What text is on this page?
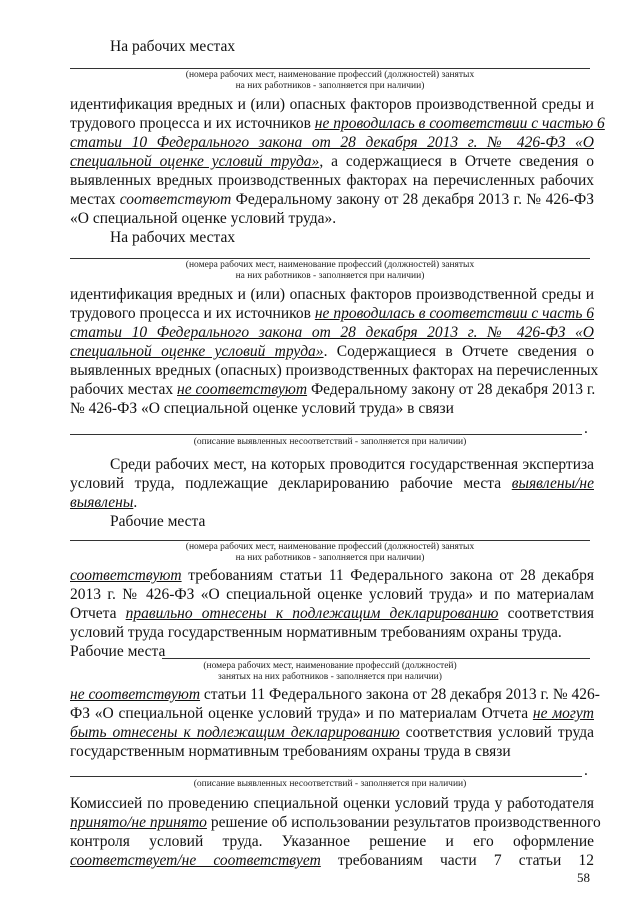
На рабочих местах
(номера рабочих мест, наименование профессий (должностей) занятых
на них работников - заполняется при наличии)
идентификация вредных и (или) опасных факторов производственной среды и
трудового процесса и их источников не проводилась в соответствии с частью 6
статьи 10 Федерального закона от 28 декабря 2013 г. № 426-ФЗ «О
специальной оценке условий труда», а содержащиеся в Отчете сведения о
выявленных вредных производственных факторах на перечисленных рабочих
местах соответствуют Федеральному закону от 28 декабря 2013 г. № 426-ФЗ
«О специальной оценке условий труда».
На рабочих местах
(номера рабочих мест, наименование профессий (должностей) занятых
на них работников - заполняется при наличии)
идентификация вредных и (или) опасных факторов производственной среды и
трудового процесса и их источников не проводилась в соответствии с часть 6
статьи 10 Федерального закона от 28 декабря 2013 г. № 426-ФЗ «О
специальной оценке условий труда». Содержащиеся в Отчете сведения о
выявленных вредных (опасных) производственных факторах на перечисленных
рабочих местах не соответствуют Федеральному закону от 28 декабря 2013 г.
№ 426-ФЗ «О специальной оценке условий труда» в связи
.
(описание выявленных несоответствий - заполняется при наличии)
Среди рабочих мест, на которых проводится государственная экспертиза
условий труда, подлежащие декларированию рабочие места выявлены/не
выявлены.
Рабочие места
(номера рабочих мест, наименование профессий (должностей) занятых
на них работников - заполняется при наличии)
соответствуют требованиям статьи 11 Федерального закона от 28 декабря
2013 г. № 426-ФЗ «О специальной оценке условий труда» и по материалам
Отчета правильно отнесены к подлежащим декларированию соответствия
условий труда государственным нормативным требованиям охраны труда.
Рабочие места
(номера рабочих мест, наименование профессий (должностей)
занятых на них работников - заполняется при наличии)
не соответствуют статьи 11 Федерального закона от 28 декабря 2013 г. № 426-
ФЗ «О специальной оценке условий труда» и по материалам Отчета не могут
быть отнесены к подлежащим декларированию соответствия условий труда
государственным нормативным требованиям охраны труда в связи
.
(описание выявленных несоответствий - заполняется при наличии)
Комиссией по проведению специальной оценки условий труда у работодателя
принято/не принято решение об использовании результатов производственного
контроля условий труда. Указанное решение и его оформление
соответствует/не соответствует требованиям части 7 статьи 12
58
